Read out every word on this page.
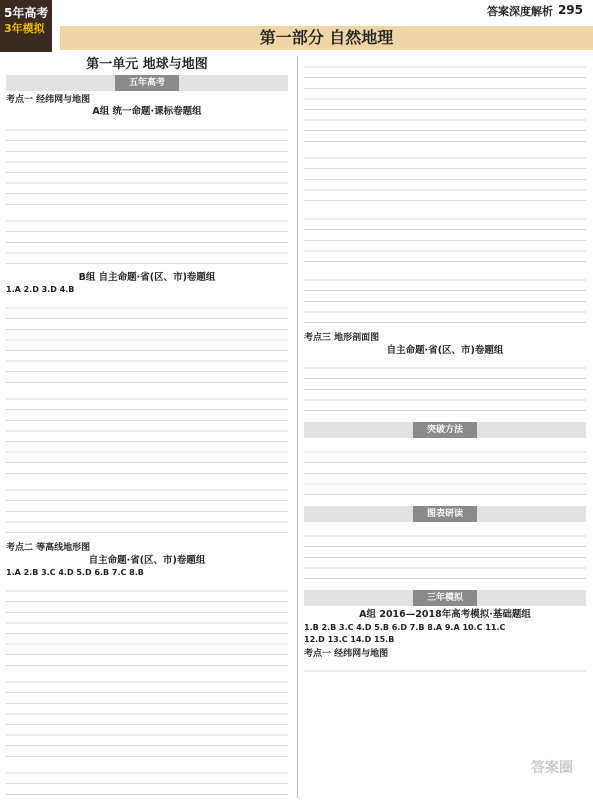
5年高考
3年模拟
答案深度解析 295
第一部分 自然地理
第一单元 地球与地图
五年高考
考点一 经纬网与地图
A组 统一命题·课标卷题组
B组 自主命题·省(区、市)卷题组
1.A 2.D 3.D 4.B
考点二 等高线地形图
自主命题·省(区、市)卷题组
1.A 2.B 3.C 4.D 5.D 6.B 7.C 8.B
考点三 地形剖面图
自主命题·省(区、市)卷题组
突破方法
图表研读
三年模拟
A组 2016—2018年高考模拟·基础题组
1.B 2.B 3.C 4.D 5.B 6.D 7.B 8.A 9.A 10.C 11.C
12.D 13.C 14.D 15.B
考点一 经纬网与地图
答案圈
